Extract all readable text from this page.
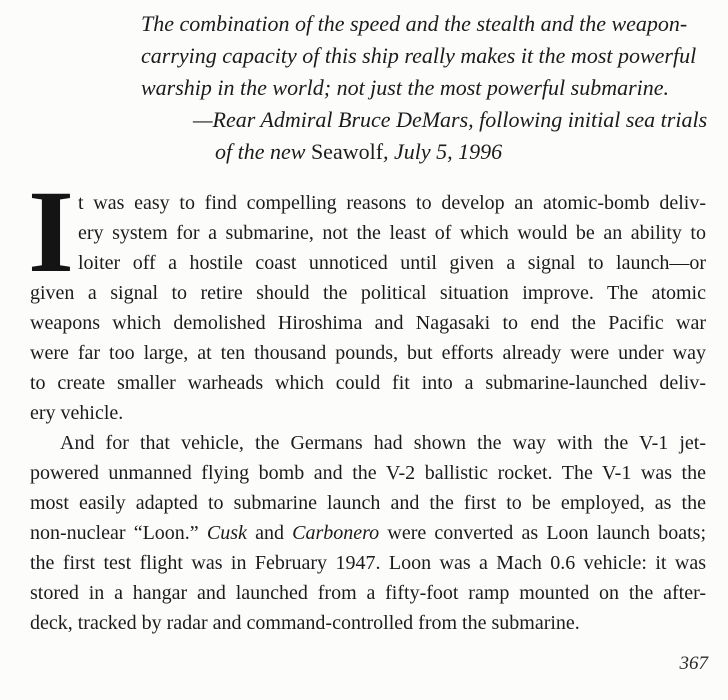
The combination of the speed and the stealth and the weapon-
carrying capacity of this ship really makes it the most powerful
warship in the world; not just the most powerful submarine.
—Rear Admiral Bruce DeMars, following initial sea trials
of the new Seawolf, July 5, 1996
I t was easy to find compelling reasons to develop an atomic-bomb deliv-
ery system for a submarine, not the least of which would be an ability to
loiter off a hostile coast unnoticed until given a signal to launch—or
given a signal to retire should the political situation improve. The atomic
weapons which demolished Hiroshima and Nagasaki to end the Pacific war
were far too large, at ten thousand pounds, but efforts already were under way
to create smaller warheads which could fit into a submarine-launched deliv-
ery vehicle.
And for that vehicle, the Germans had shown the way with the V-1 jet-
powered unmanned flying bomb and the V-2 ballistic rocket. The V-1 was the
most easily adapted to submarine launch and the first to be employed, as the
non-nuclear “Loon.” Cusk and Carbonero were converted as Loon launch boats;
the first test flight was in February 1947. Loon was a Mach 0.6 vehicle: it was
stored in a hangar and launched from a fifty-foot ramp mounted on the after-
deck, tracked by radar and command-controlled from the submarine.
367
